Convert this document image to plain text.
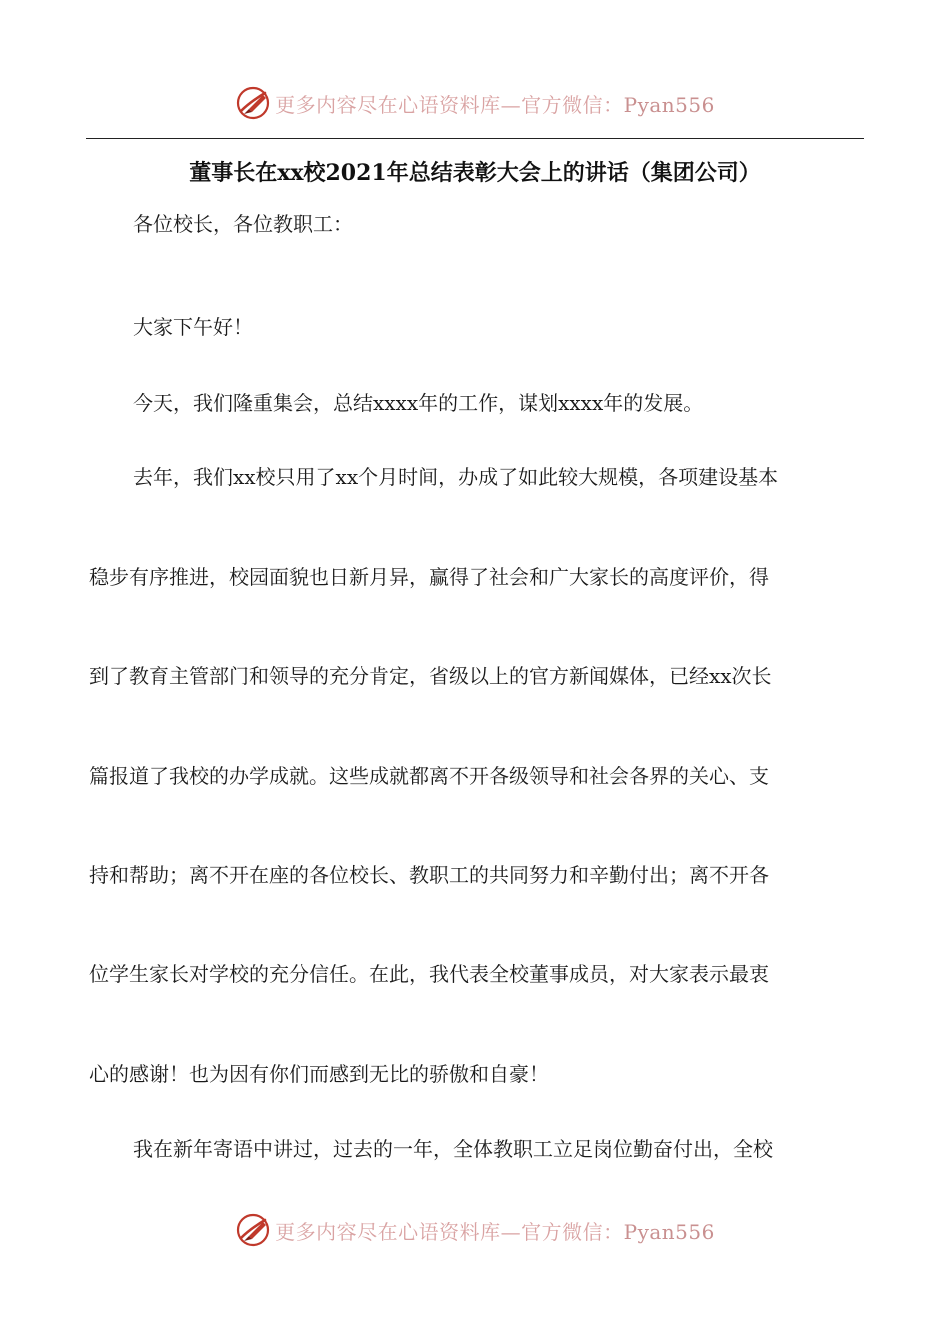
更多内容尽在心语资料库—官方微信：Pyan556
董事长在xx校2021年总结表彰大会上的讲话（集团公司）
各位校长，各位教职工：
大家下午好！
今天，我们隆重集会，总结xxxx年的工作，谋划xxxx年的发展。
去年，我们xx校只用了xx个月时间，办成了如此较大规模，各项建设基本
稳步有序推进，校园面貌也日新月异，赢得了社会和广大家长的高度评价，得
到了教育主管部门和领导的充分肯定，省级以上的官方新闻媒体，已经xx次长
篇报道了我校的办学成就。这些成就都离不开各级领导和社会各界的关心、支
持和帮助；离不开在座的各位校长、教职工的共同努力和辛勤付出；离不开各
位学生家长对学校的充分信任。在此，我代表全校董事成员，对大家表示最衷
心的感谢！也为因有你们而感到无比的骄傲和自豪！
我在新年寄语中讲过，过去的一年，全体教职工立足岗位勤奋付出，全校
更多内容尽在心语资料库—官方微信：Pyan556
